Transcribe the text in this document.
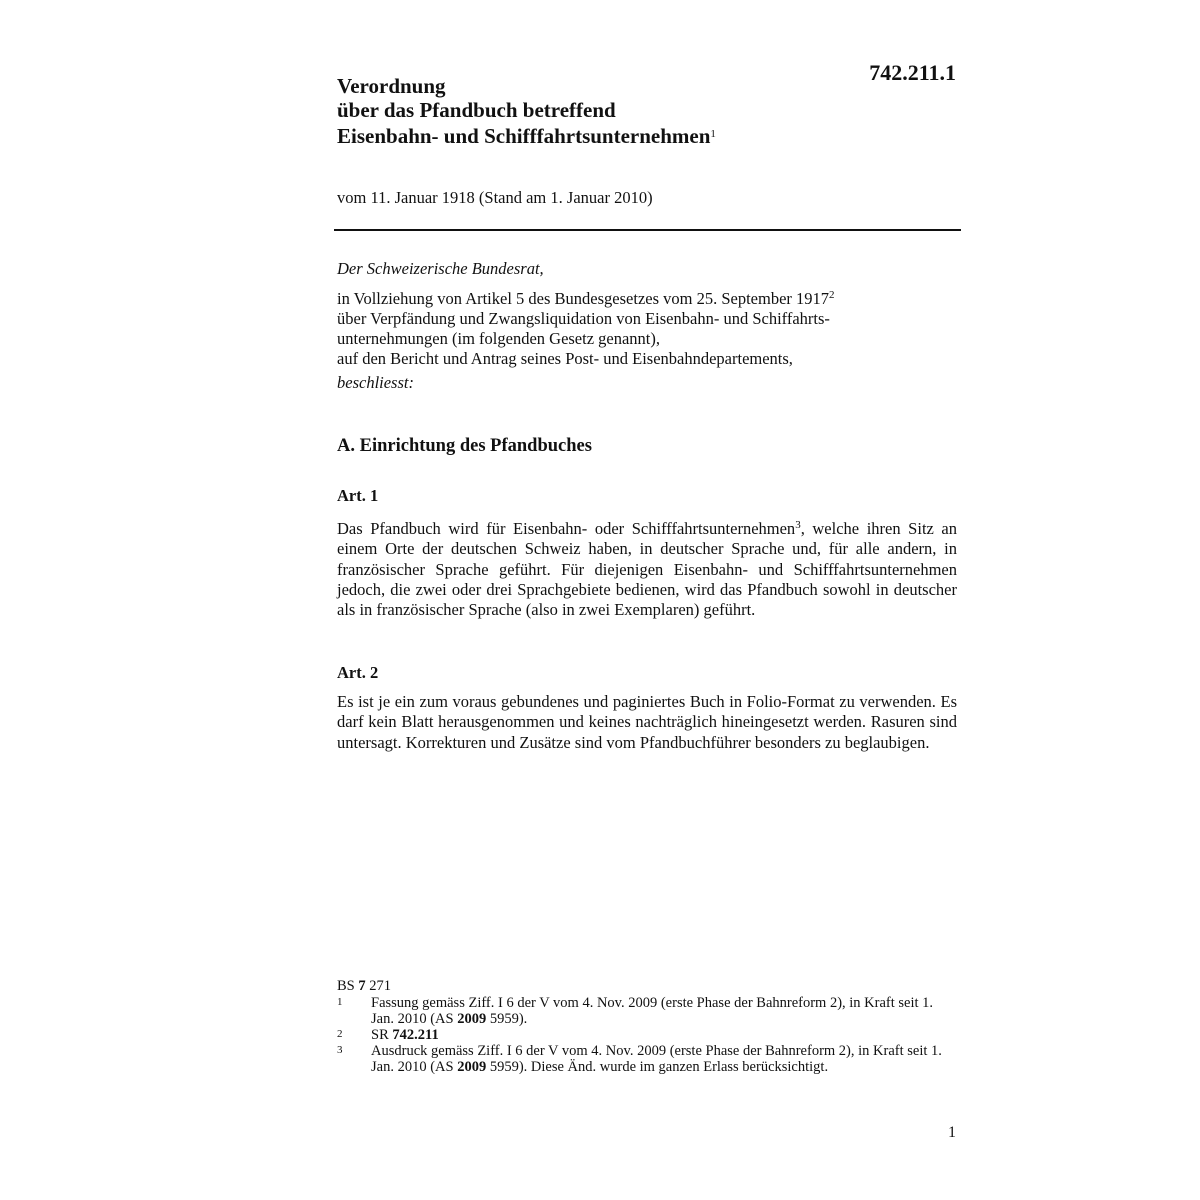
742.211.1
Verordnung
über das Pfandbuch betreffend
Eisenbahn- und Schifffahrtsunternehmen$^1$
vom 11. Januar 1918 (Stand am 1. Januar 2010)

Der Schweizerische Bundesrat,

in Vollziehung von Artikel 5 des Bundesgesetzes vom 25. September 1917$^2$

über Verpfändung und Zwangsliquidation von Eisenbahn- und Schiffahrts-

unternehmungen (im folgenden Gesetz genannt),

auf den Bericht und Antrag seines Post- und Eisenbahndepartements,

beschliesst:

A. Einrichtung des Pfandbuches

Art. 1

Das Pfandbuch wird für Eisenbahn- oder Schifffahrtsunternehmen$^3$, welche ihren Sitz an einem Orte der deutschen Schweiz haben, in deutscher Sprache und, für alle andern, in französischer Sprache geführt. Für diejenigen Eisenbahn- und Schifffahrtsunternehmen jedoch, die zwei oder drei Sprachgebiete bedienen, wird das Pfandbuch sowohl in deutscher als in französischer Sprache (also in zwei Exemplaren) geführt.

Art. 2

Es ist je ein zum voraus gebundenes und paginiertes Buch in Folio-Format zu verwenden. Es darf kein Blatt herausgenommen und keines nachträglich hineingesetzt werden. Rasuren sind untersagt. Korrekturen und Zusätze sind vom Pfandbuchführer besonders zu beglaubigen.

BS 7 271
1	Fassung gemäss Ziff. I 6 der V vom 4. Nov. 2009 (erste Phase der Bahnreform 2), in Kraft seit 1. Jan. 2010 (AS 2009 5959).
2	SR 742.211
3	Ausdruck gemäss Ziff. I 6 der V vom 4. Nov. 2009 (erste Phase der Bahnreform 2), in Kraft seit 1. Jan. 2010 (AS 2009 5959). Diese Änd. wurde im ganzen Erlass berücksichtigt.
1
